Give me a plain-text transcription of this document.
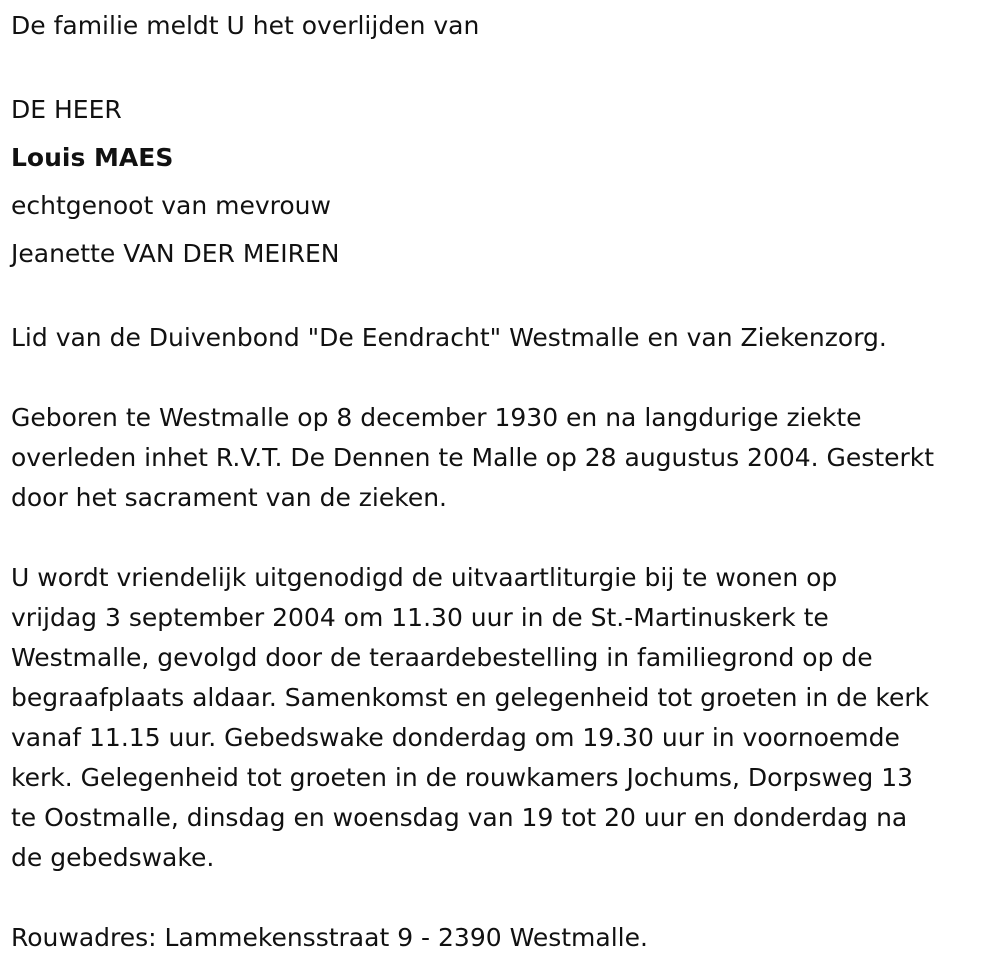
De familie meldt U het overlijden van
DE HEER
Louis MAES
echtgenoot van mevrouw
Jeanette VAN DER MEIREN
Lid van de Duivenbond "De Eendracht" Westmalle en van Ziekenzorg.
Geboren te Westmalle op 8 december 1930 en na langdurige ziekte
overleden inhet R.V.T. De Dennen te Malle op 28 augustus 2004. Gesterkt
door het sacrament van de zieken.
U wordt vriendelijk uitgenodigd de uitvaartliturgie bij te wonen op
vrijdag 3 september 2004 om 11.30 uur in de St.-Martinuskerk te
Westmalle, gevolgd door de teraardebestelling in familiegrond op de
begraafplaats aldaar. Samenkomst en gelegenheid tot groeten in de kerk
vanaf 11.15 uur. Gebedswake donderdag om 19.30 uur in voornoemde
kerk. Gelegenheid tot groeten in de rouwkamers Jochums, Dorpsweg 13
te Oostmalle, dinsdag en woensdag van 19 tot 20 uur en donderdag na
de gebedswake.
Rouwadres: Lammekensstraat 9 - 2390 Westmalle.
